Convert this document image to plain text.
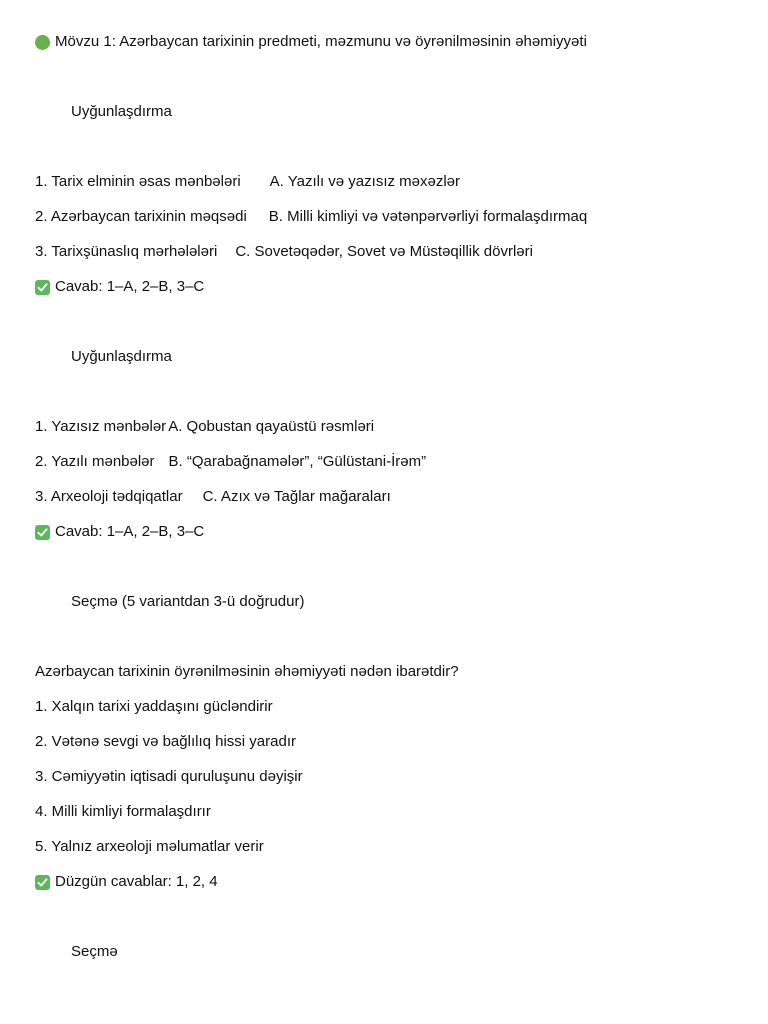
Mövzu 1: Azərbaycan tarixinin predmeti, məzmunu və öyrənilməsinin əhəmiyyəti
Uyğunlaşdırma
1. Tarix elminin əsas mənbələri A. Yazılı və yazısız məxəzlər
2. Azərbaycan tarixinin məqsədi B. Milli kimliyi və vətənpərvərliyi formalaşdırmaq
3. Tarixşünaslıq mərhələləri C. Sovetəqədər, Sovet və Müstəqillik dövrləri
Cavab: 1–A, 2–B, 3–C
Uyğunlaşdırma
1. Yazısız mənbələr A. Qobustan qayaüstü rəsmləri
2. Yazılı mənbələr B. “Qarabağnamələr”, “Gülüstani-İrəm”
3. Arxeoloji tədqiqatlar C. Azıx və Tağlar mağaraları
Cavab: 1–A, 2–B, 3–C
Seçmə (5 variantdan 3-ü doğrudur)
Azərbaycan tarixinin öyrənilməsinin əhəmiyyəti nədən ibarətdir?
1. Xalqın tarixi yaddaşını gücləndirir
2. Vətənə sevgi və bağlılıq hissi yaradır
3. Cəmiyyətin iqtisadi quruluşunu dəyişir
4. Milli kimliyi formalaşdırır
5. Yalnız arxeoloji məlumatlar verir
Düzgün cavablar: 1, 2, 4
Seçmə
